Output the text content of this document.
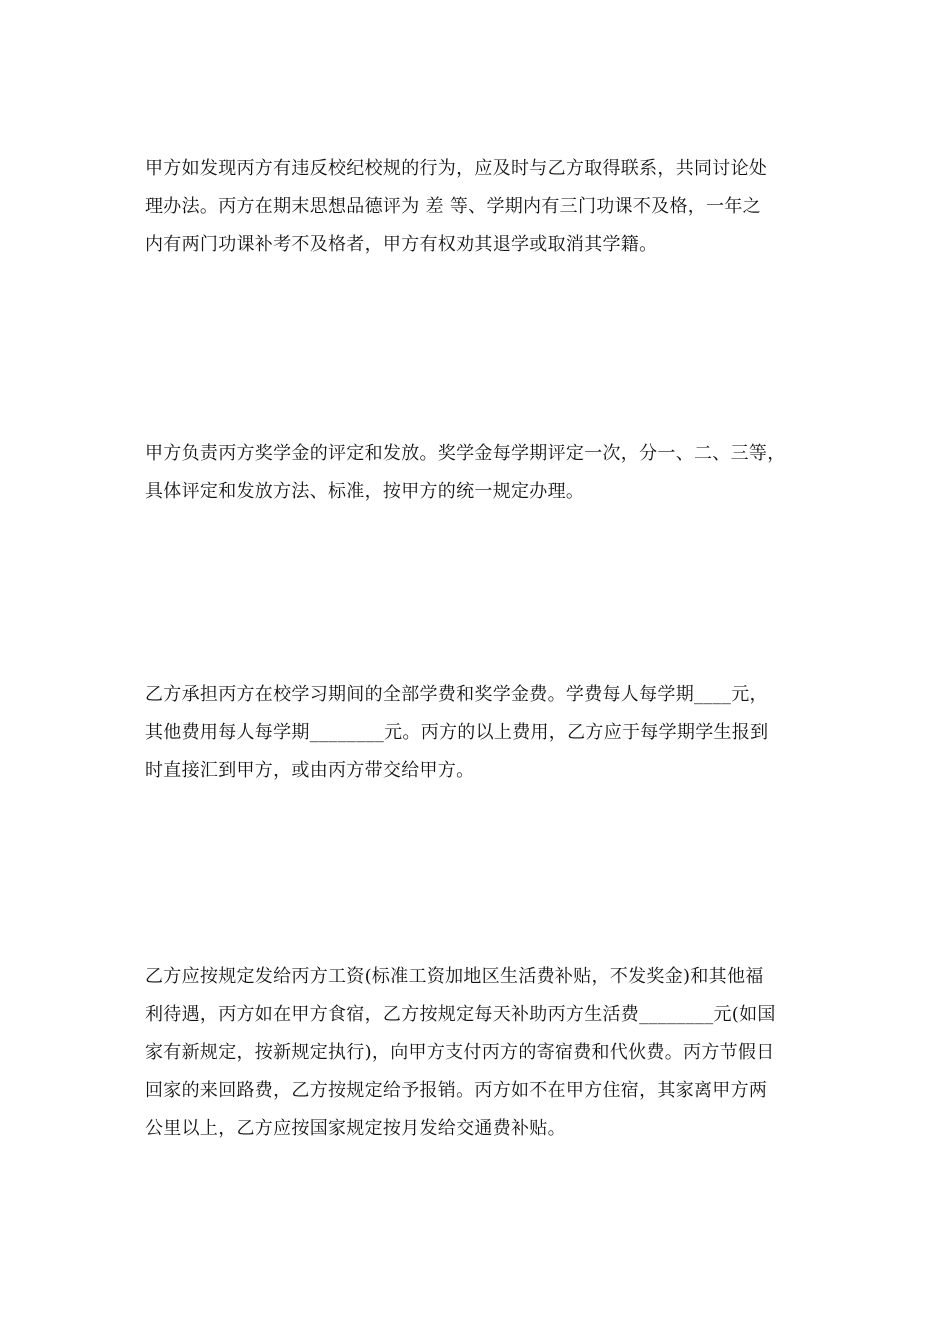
甲方如发现丙方有违反校纪校规的行为，应及时与乙方取得联系，共同讨论处
理办法。丙方在期末思想品德评为 差 等、学期内有三门功课不及格，一年之
内有两门功课补考不及格者，甲方有权劝其退学或取消其学籍。

甲方负责丙方奖学金的评定和发放。奖学金每学期评定一次，分一、二、三等，
具体评定和发放方法、标准，按甲方的统一规定办理。

乙方承担丙方在校学习期间的全部学费和奖学金费。学费每人每学期____元，
其他费用每人每学期________元。丙方的以上费用，乙方应于每学期学生报到
时直接汇到甲方，或由丙方带交给甲方。

乙方应按规定发给丙方工资(标准工资加地区生活费补贴，不发奖金)和其他福
利待遇，丙方如在甲方食宿，乙方按规定每天补助丙方生活费________元(如国
家有新规定，按新规定执行)，向甲方支付丙方的寄宿费和代伙费。丙方节假日
回家的来回路费，乙方按规定给予报销。丙方如不在甲方住宿，其家离甲方两
公里以上，乙方应按国家规定按月发给交通费补贴。
